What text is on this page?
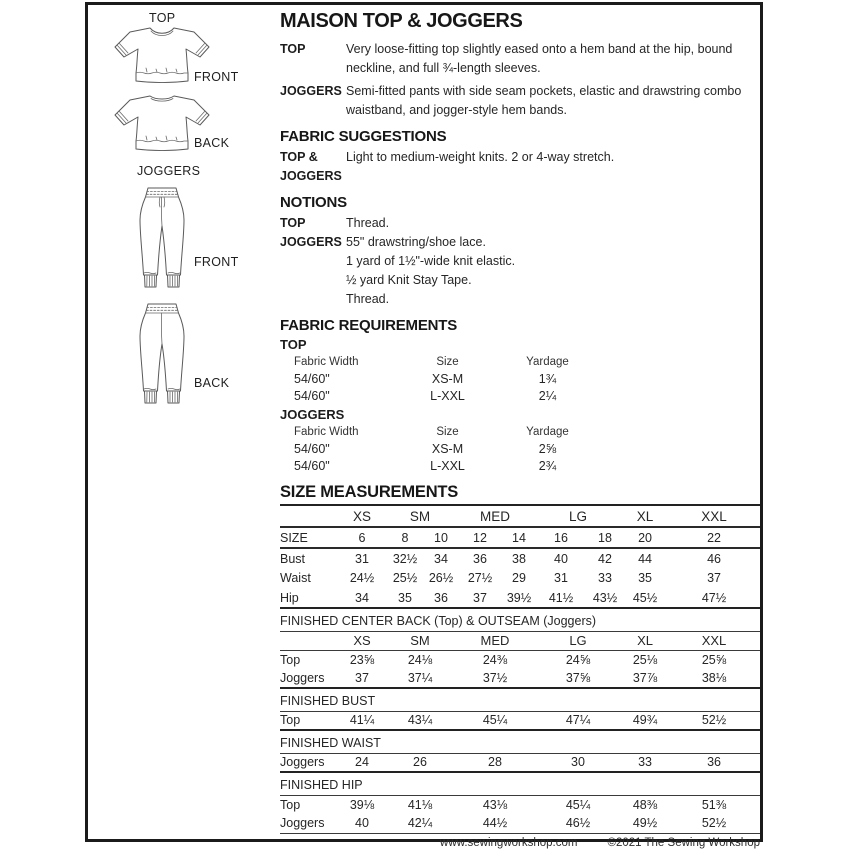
TOP
FRONT
BACK
JOGGERS
FRONT
BACK
MAISON TOP & JOGGERS
TOP	Very loose-fitting top slightly eased onto a hem band at the hip, bound neckline, and full ¾-length sleeves.
JOGGERS Semi-fitted pants with side seam pockets, elastic and drawstring combo waistband, and jogger-style hem bands.
FABRIC SUGGESTIONS
TOP &
JOGGERS
Light to medium-weight knits. 2 or 4-way stretch.
NOTIONS
TOP	Thread.
JOGGERS 55" drawstring/shoe lace.
1 yard of 1½"-wide knit elastic.
½ yard Knit Stay Tape.
Thread.
FABRIC REQUIREMENTS
TOP
Fabric Width	Size	Yardage
54/60"	XS-M	1¾
54/60"	L-XXL	2¼
JOGGERS
Fabric Width	Size	Yardage
54/60"	XS-M	2⅝
54/60"	L-XXL	2¾
SIZE MEASUREMENTS
	XS	SM		MED		LG		XL	XXL
SIZE	6	8	10	12	14	16	18	20	22
Bust	31	32½	34	36	38	40	42	44	46
Waist	24½	25½	26½	27½	29	31	33	35	37
Hip	34	35	36	37	39½	41½	43½	45½	47½
FINISHED CENTER BACK (Top) & OUTSEAM (Joggers)									
	XS	SM		MED		LG		XL	XXL
Top	23⅝	24⅛		24⅜		24⅝		25⅛	25⅝
Joggers	37	37¼		37½		37⅝		37⅞	38⅛
FINISHED BUST									
Top	41¼	43¼		45¼		47¼		49¾	52½
FINISHED WAIST									
Joggers	24	26		28		30		33	36
FINISHED HIP									
Top	39⅛	41⅛		43⅛		45¼		48⅜	51⅜
Joggers	40	42¼		44½		46½		49½	52½
www.sewingworkshop.com	©2021 The Sewing Workshop
